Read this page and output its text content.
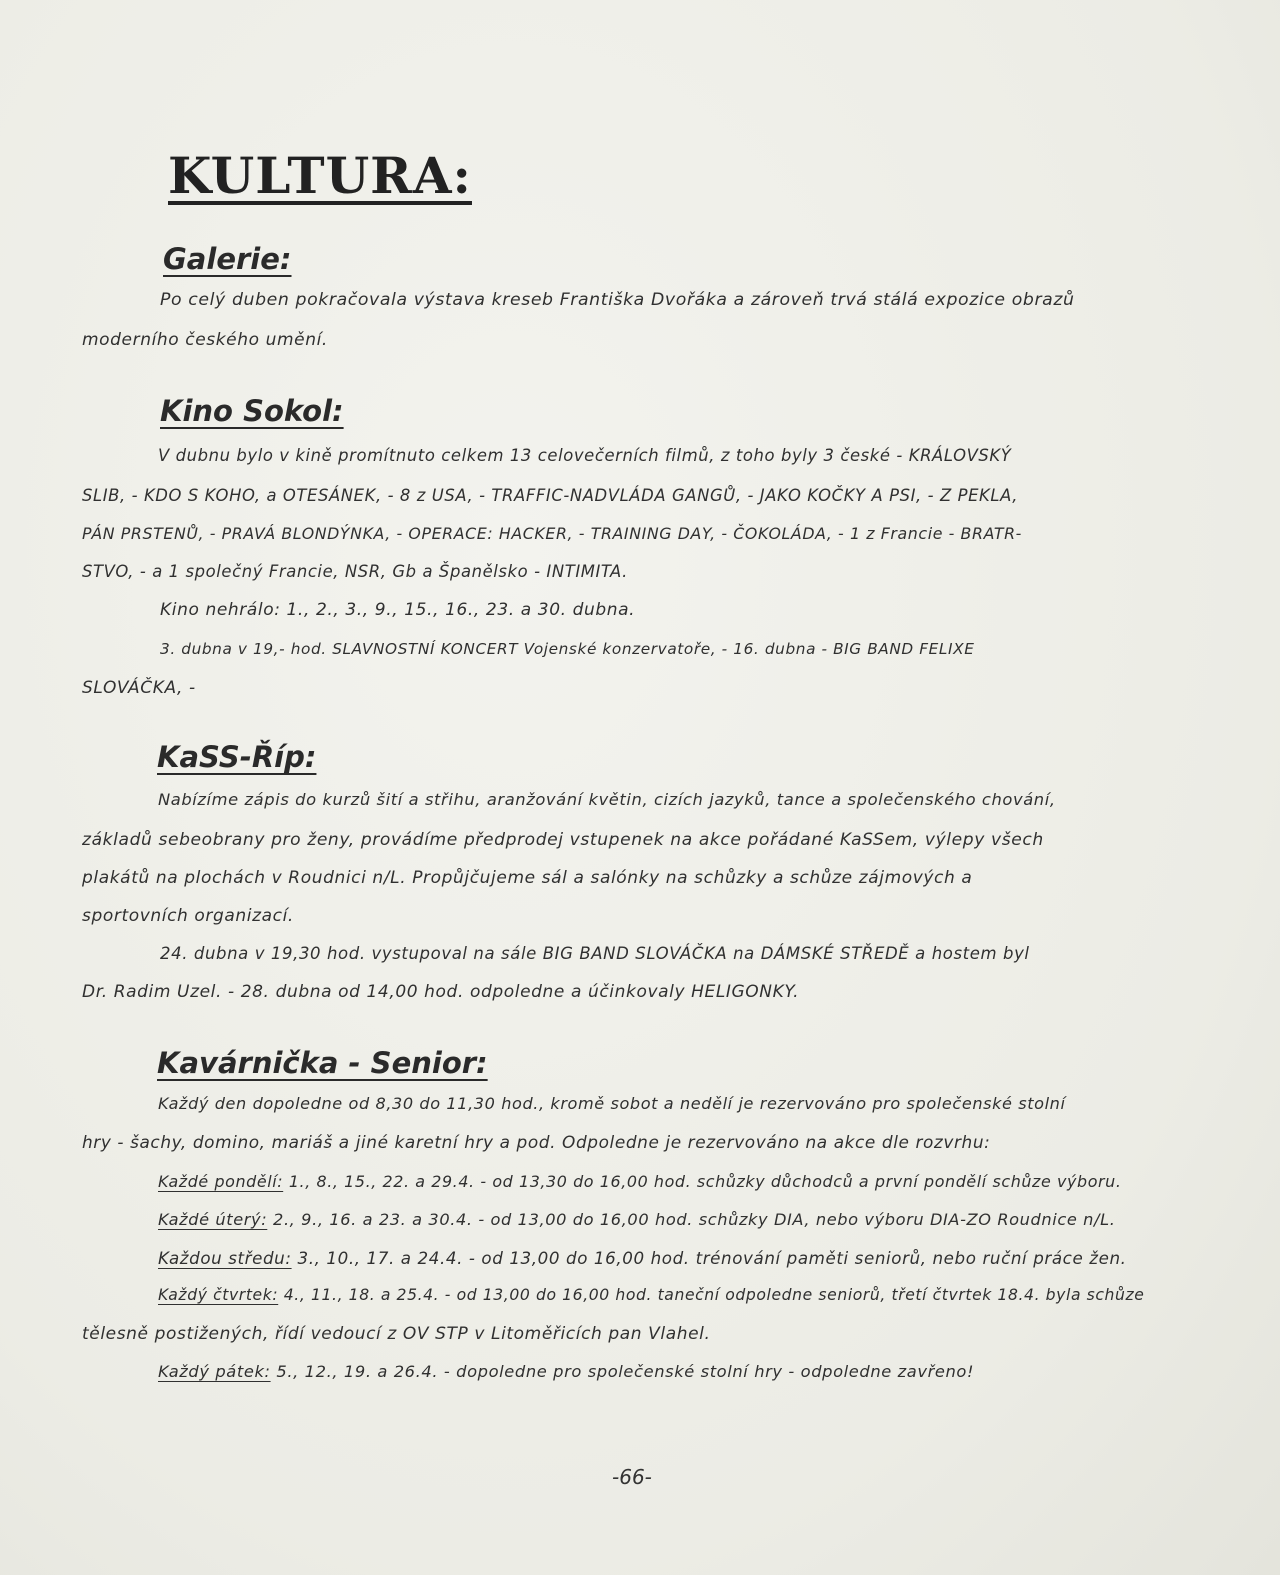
KULTURA:
Galerie:
Po celý duben pokračovala výstava kreseb Františka Dvořáka a zároveň trvá stálá expozice obrazů
moderního českého umění.
Kino Sokol:
V dubnu bylo v kině promítnuto celkem 13 celovečerních filmů, z toho byly 3 české - KRÁLOVSKÝ
SLIB, - KDO S KOHO, a OTESÁNEK, - 8 z USA, - TRAFFIC-NADVLÁDA GANGŮ, - JAKO KOČKY A PSI, - Z PEKLA,
PÁN PRSTENŮ, - PRAVÁ BLONDÝNKA, - OPERACE: HACKER, - TRAINING DAY, - ČOKOLÁDA, - 1 z Francie - BRATR-
STVO, - a 1 společný Francie, NSR, Gb a Španělsko - INTIMITA.
Kino nehrálo: 1., 2., 3., 9., 15., 16., 23. a 30. dubna.
3. dubna v 19,- hod. SLAVNOSTNÍ KONCERT Vojenské konzervatoře, - 16. dubna - BIG BAND FELIXE
SLOVÁČKA, -
KaSS-Říp:
Nabízíme zápis do kurzů šití a střihu, aranžování květin, cizích jazyků, tance a společenského chování,
základů sebeobrany pro ženy, provádíme předprodej vstupenek na akce pořádané KaSSem, výlepy všech
plakátů na plochách v Roudnici n/L. Propůjčujeme sál a salónky na schůzky a schůze zájmových a
sportovních organizací.
24. dubna v 19,30 hod. vystupoval na sále BIG BAND SLOVÁČKA na DÁMSKÉ STŘEDĚ a hostem byl
Dr. Radim Uzel. - 28. dubna od 14,00 hod. odpoledne a účinkovaly HELIGONKY.
Kavárnička - Senior:
Každý den dopoledne od 8,30 do 11,30 hod., kromě sobot a nedělí je rezervováno pro společenské stolní
hry - šachy, domino, mariáš a jiné karetní hry a pod. Odpoledne je rezervováno na akce dle rozvrhu:
Každé pondělí: 1., 8., 15., 22. a 29.4. - od 13,30 do 16,00 hod. schůzky důchodců a první pondělí schůze výboru.
Každé úterý: 2., 9., 16. a 23. a 30.4. - od 13,00 do 16,00 hod. schůzky DIA, nebo výboru DIA-ZO Roudnice n/L.
Každou středu: 3., 10., 17. a 24.4. - od 13,00 do 16,00 hod. trénování paměti seniorů, nebo ruční práce žen.
Každý čtvrtek: 4., 11., 18. a 25.4. - od 13,00 do 16,00 hod. taneční odpoledne seniorů, třetí čtvrtek 18.4. byla schůze
tělesně postižených, řídí vedoucí z OV STP v Litoměřicích pan Vlahel.
Každý pátek: 5., 12., 19. a 26.4. - dopoledne pro společenské stolní hry - odpoledne zavřeno!
-66-
